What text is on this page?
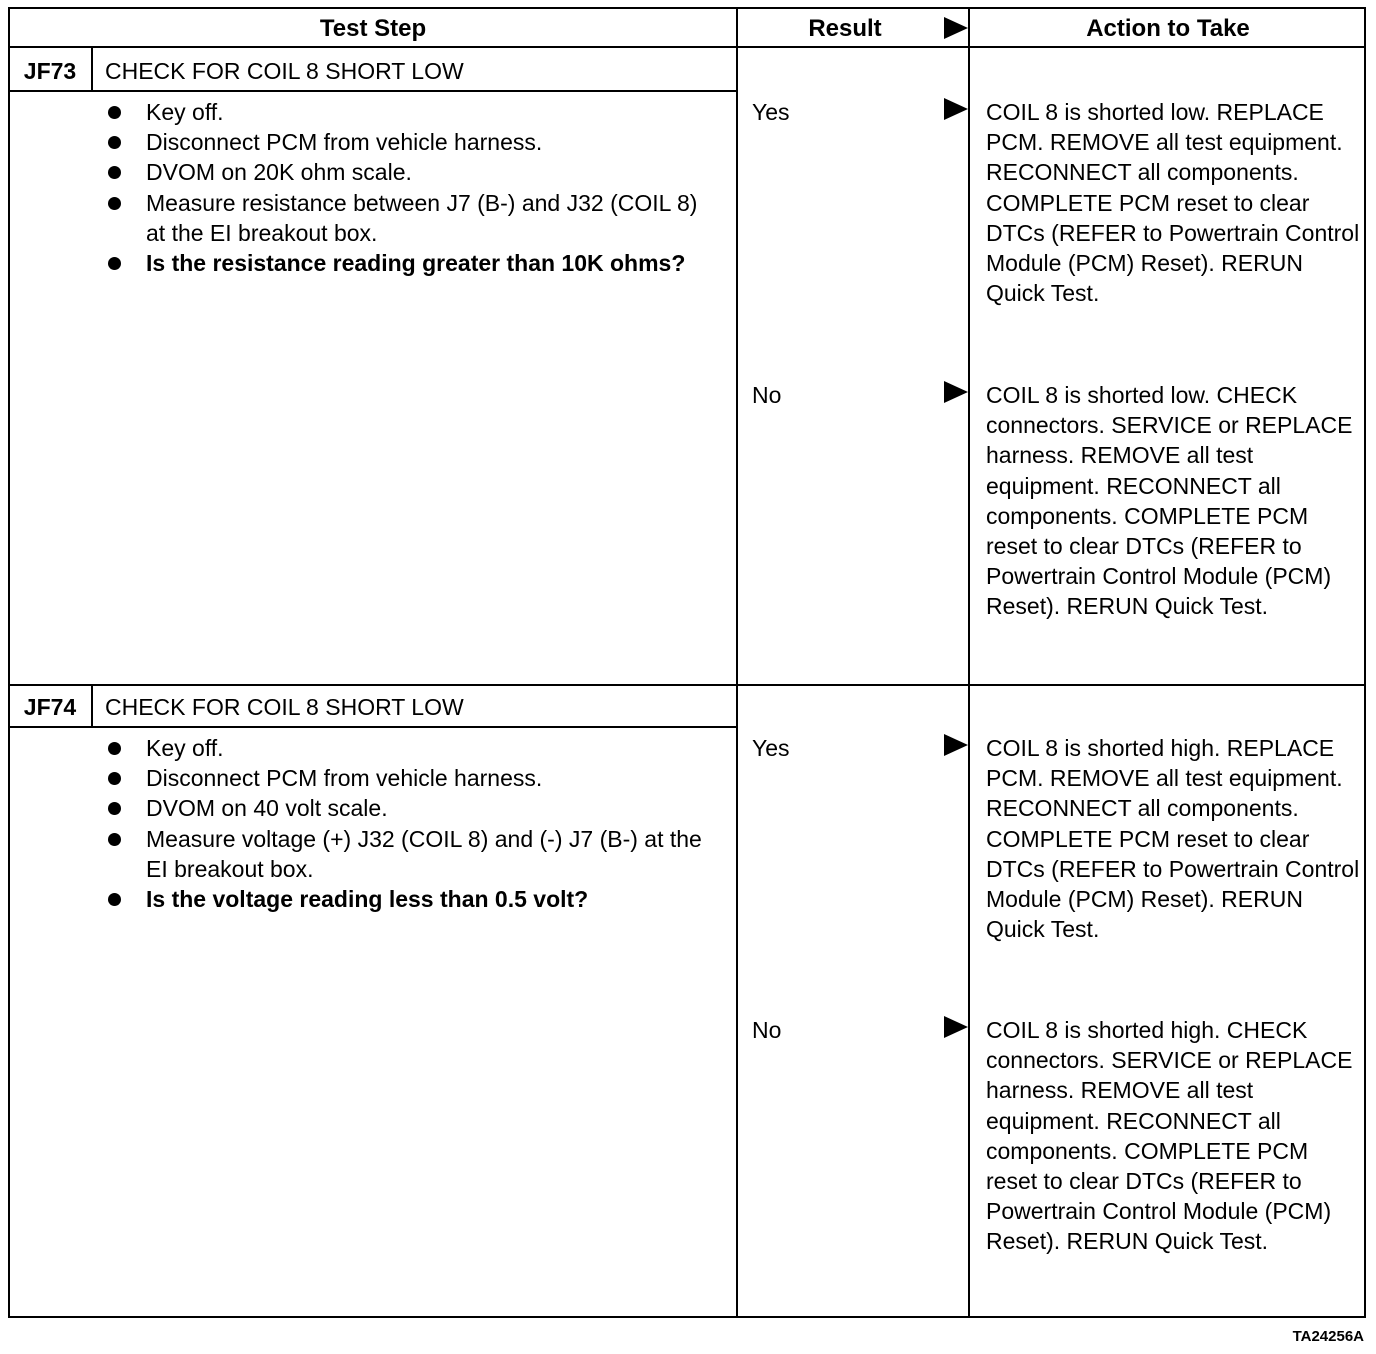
Test Step	Result	Action to Take
JF73	CHECK FOR COIL 8 SHORT LOW
Key off.
Disconnect PCM from vehicle harness.
DVOM on 20K ohm scale.
Measure resistance between J7 (B-) and J32 (COIL 8) at the EI breakout box.
Is the resistance reading greater than 10K ohms?
Yes	COIL 8 is shorted low. REPLACE PCM. REMOVE all test equipment. RECONNECT all components. COMPLETE PCM reset to clear DTCs (REFER to Powertrain Control Module (PCM) Reset). RERUN Quick Test.
No	COIL 8 is shorted low. CHECK connectors. SERVICE or REPLACE harness. REMOVE all test equipment. RECONNECT all components. COMPLETE PCM reset to clear DTCs (REFER to Powertrain Control Module (PCM) Reset). RERUN Quick Test.
JF74	CHECK FOR COIL 8 SHORT LOW
Key off.
Disconnect PCM from vehicle harness.
DVOM on 40 volt scale.
Measure voltage (+) J32 (COIL 8) and (-) J7 (B-) at the EI breakout box.
Is the voltage reading less than 0.5 volt?
Yes	COIL 8 is shorted high. REPLACE PCM. REMOVE all test equipment. RECONNECT all components. COMPLETE PCM reset to clear DTCs (REFER to Powertrain Control Module (PCM) Reset). RERUN Quick Test.
No	COIL 8 is shorted high. CHECK connectors. SERVICE or REPLACE harness. REMOVE all test equipment. RECONNECT all components. COMPLETE PCM reset to clear DTCs (REFER to Powertrain Control Module (PCM) Reset). RERUN Quick Test.
TA24256A
